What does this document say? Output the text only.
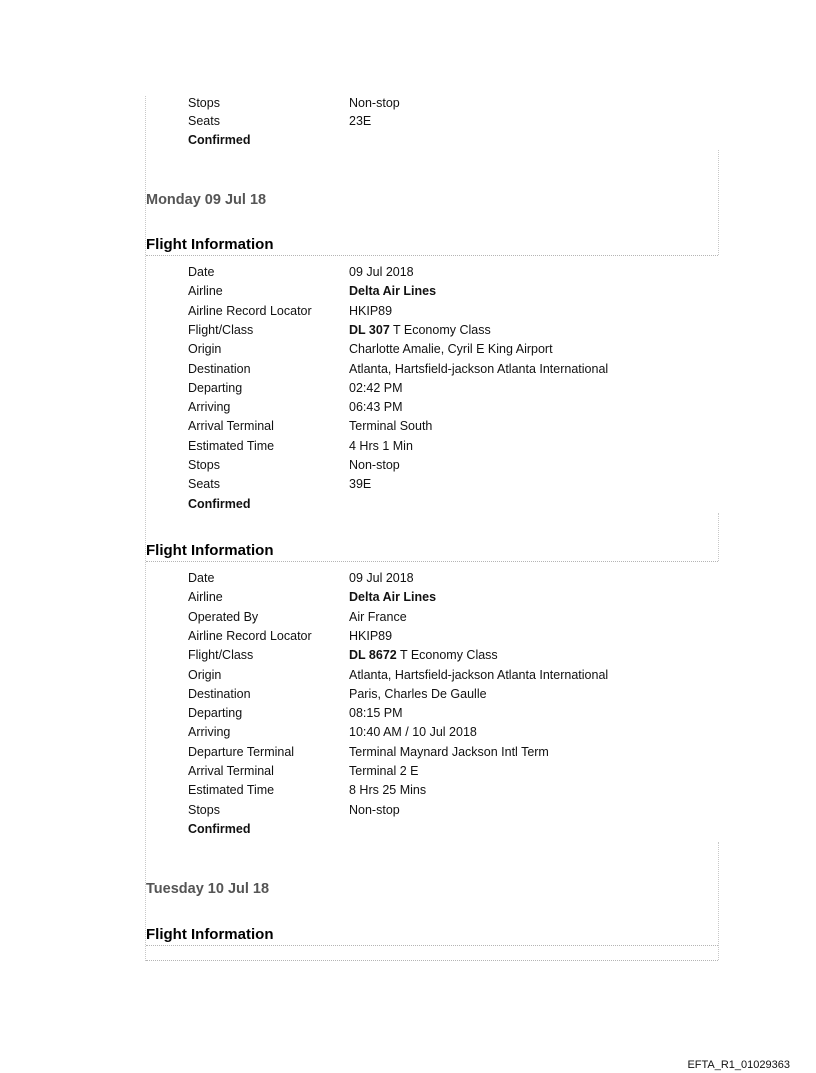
Stops	Non-stop
Seats	23E
Confirmed
Monday 09 Jul 18
Flight Information
Date	09 Jul 2018
Airline	Delta Air Lines
Airline Record Locator	HKIP89
Flight/Class	DL 307 T Economy Class
Origin	Charlotte Amalie, Cyril E King Airport
Destination	Atlanta, Hartsfield-jackson Atlanta International
Departing	02:42 PM
Arriving	06:43 PM
Arrival Terminal	Terminal South
Estimated Time	4 Hrs 1 Min
Stops	Non-stop
Seats	39E
Confirmed
Flight Information
Date	09 Jul 2018
Airline	Delta Air Lines
Operated By	Air France
Airline Record Locator	HKIP89
Flight/Class	DL 8672 T Economy Class
Origin	Atlanta, Hartsfield-jackson Atlanta International
Destination	Paris, Charles De Gaulle
Departing	08:15 PM
Arriving	10:40 AM / 10 Jul 2018
Departure Terminal	Terminal Maynard Jackson Intl Term
Arrival Terminal	Terminal 2 E
Estimated Time	8 Hrs 25 Mins
Stops	Non-stop
Confirmed
Tuesday 10 Jul 18
Flight Information
EFTA_R1_01029363
